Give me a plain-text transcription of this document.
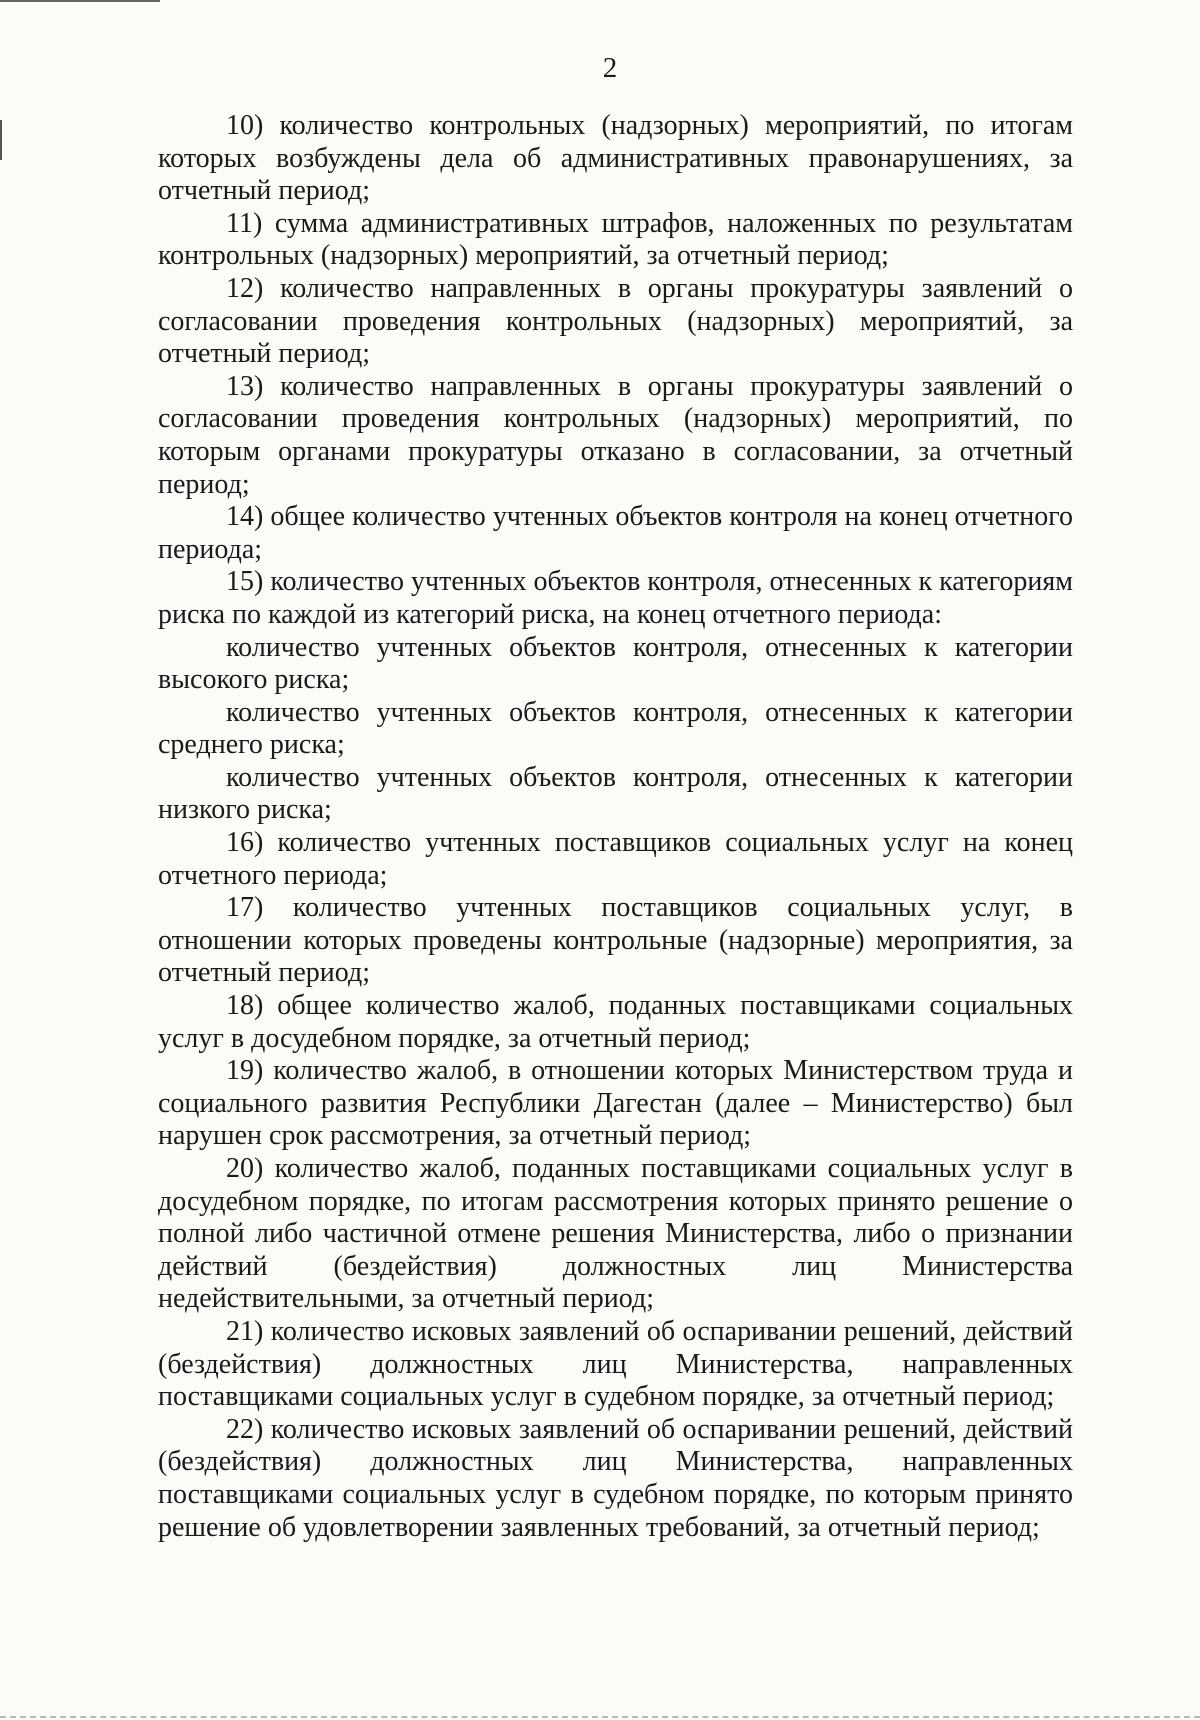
2

10) количество контрольных (надзорных) мероприятий, по итогам которых возбуждены дела об административных правонарушениях, за отчетный период;

11) сумма административных штрафов, наложенных по результатам контрольных (надзорных) мероприятий, за отчетный период;

12) количество направленных в органы прокуратуры заявлений о согласовании проведения контрольных (надзорных) мероприятий, за отчетный период;

13) количество направленных в органы прокуратуры заявлений о согласовании проведения контрольных (надзорных) мероприятий, по которым органами прокуратуры отказано в согласовании, за отчетный период;

14) общее количество учтенных объектов контроля на конец отчетного периода;

15) количество учтенных объектов контроля, отнесенных к категориям риска по каждой из категорий риска, на конец отчетного периода:

количество учтенных объектов контроля, отнесенных к категории высокого риска;

количество учтенных объектов контроля, отнесенных к категории среднего риска;

количество учтенных объектов контроля, отнесенных к категории низкого риска;

16) количество учтенных поставщиков социальных услуг на конец отчетного периода;

17) количество учтенных поставщиков социальных услуг, в отношении которых проведены контрольные (надзорные) мероприятия, за отчетный период;

18) общее количество жалоб, поданных поставщиками социальных услуг в досудебном порядке, за отчетный период;

19) количество жалоб, в отношении которых Министерством труда и социального развития Республики Дагестан (далее – Министерство) был нарушен срок рассмотрения, за отчетный период;

20) количество жалоб, поданных поставщиками социальных услуг в досудебном порядке, по итогам рассмотрения которых принято решение о полной либо частичной отмене решения Министерства, либо о признании действий (бездействия) должностных лиц Министерства недействительными, за отчетный период;

21) количество исковых заявлений об оспаривании решений, действий (бездействия) должностных лиц Министерства, направленных поставщиками социальных услуг в судебном порядке, за отчетный период;

22) количество исковых заявлений об оспаривании решений, действий (бездействия) должностных лиц Министерства, направленных поставщиками социальных услуг в судебном порядке, по которым принято решение об удовлетворении заявленных требований, за отчетный период;
